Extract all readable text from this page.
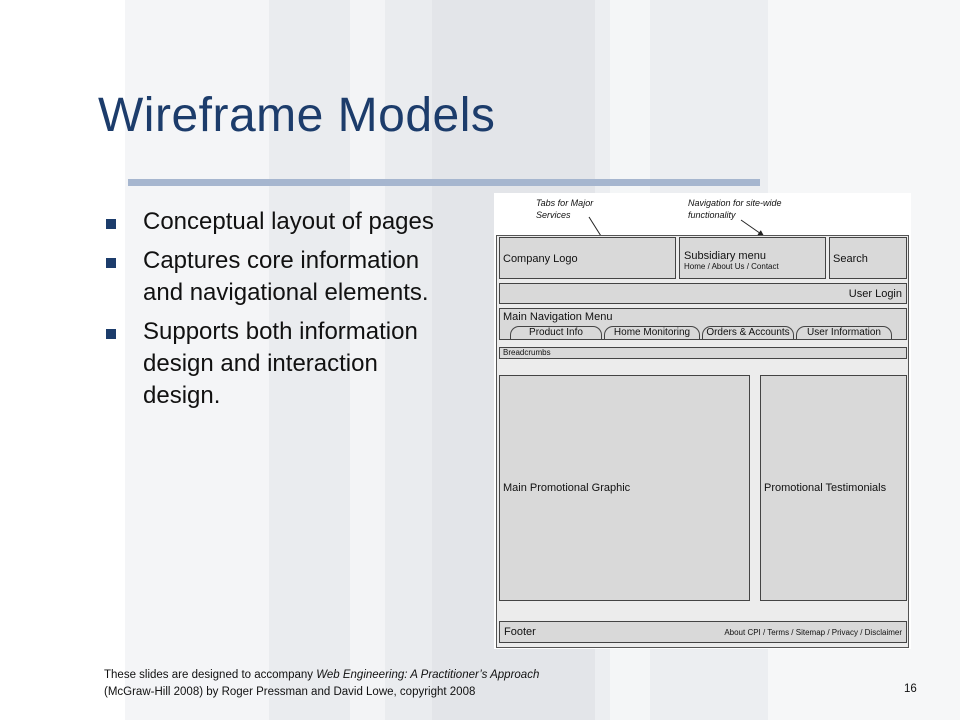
Wireframe Models
Conceptual layout of pages
Captures core information and navigational elements.
Supports both information design and interaction design.
Tabs for Major Services
Navigation for site-wide functionality
Company Logo	Subsidiary menu
Home / About Us / Contact
Search
User Login
Main Navigation Menu
Product Info	Home Monitoring	Orders & Accounts	User Information
Breadcrumbs
Main Promotional Graphic	Promotional Testimonials
Footer	About CPI / Terms / Sitemap / Privacy / Disclaimer
These slides are designed to accompany Web Engineering: A Practitioner’s Approach
(McGraw-Hill 2008) by Roger Pressman and David Lowe, copyright 2008	16
